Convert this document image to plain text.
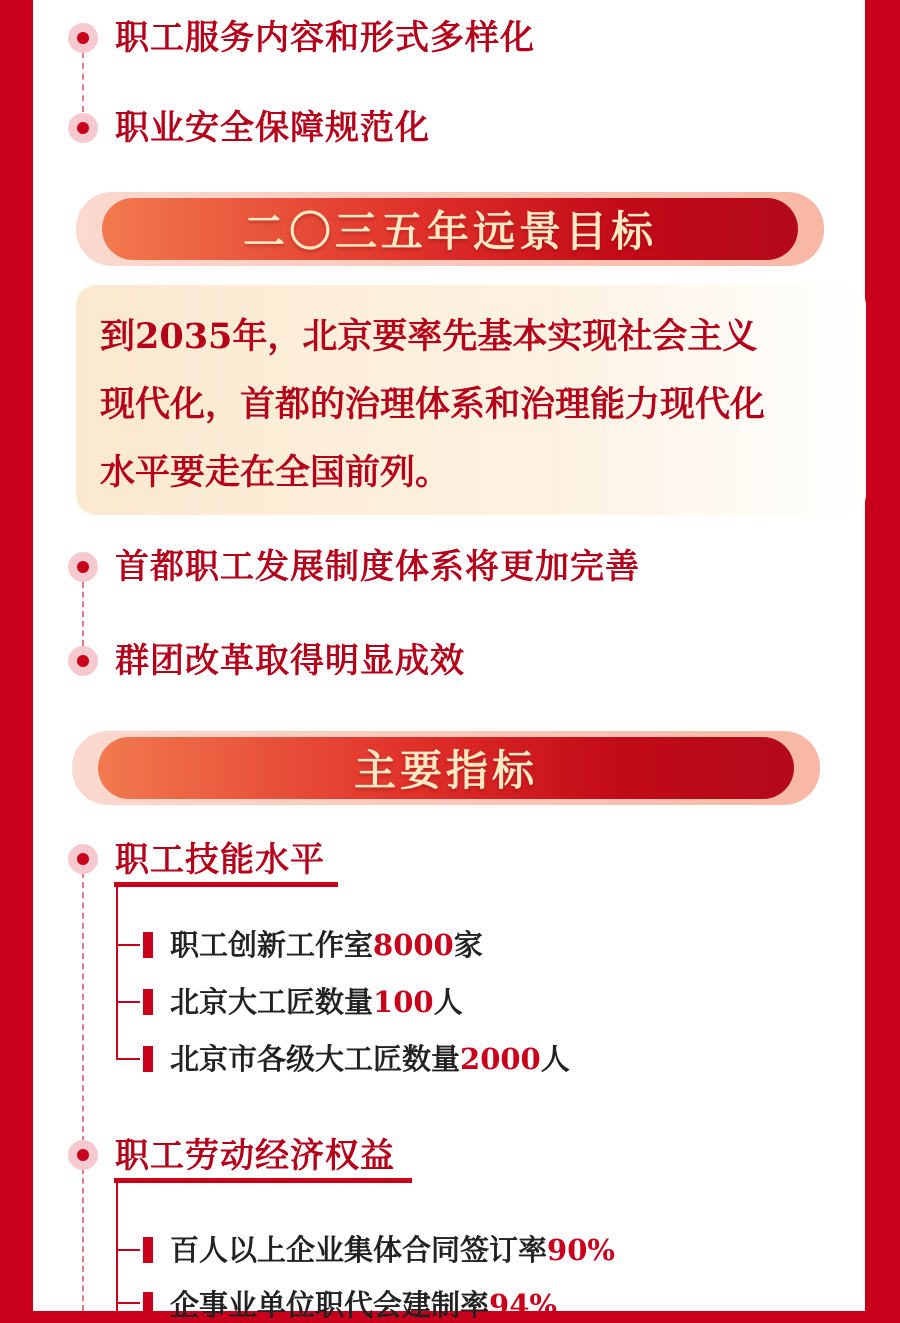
职工服务内容和形式多样化
职业安全保障规范化
二〇三五年远景目标
到2035年，北京要率先基本实现社会主义
现代化，首都的治理体系和治理能力现代化
水平要走在全国前列。
首都职工发展制度体系将更加完善
群团改革取得明显成效
主要指标
职工技能水平
职工创新工作室8000家
北京大工匠数量100人
北京市各级大工匠数量2000人
职工劳动经济权益
百人以上企业集体合同签订率90%
企事业单位职代会建制率94%
